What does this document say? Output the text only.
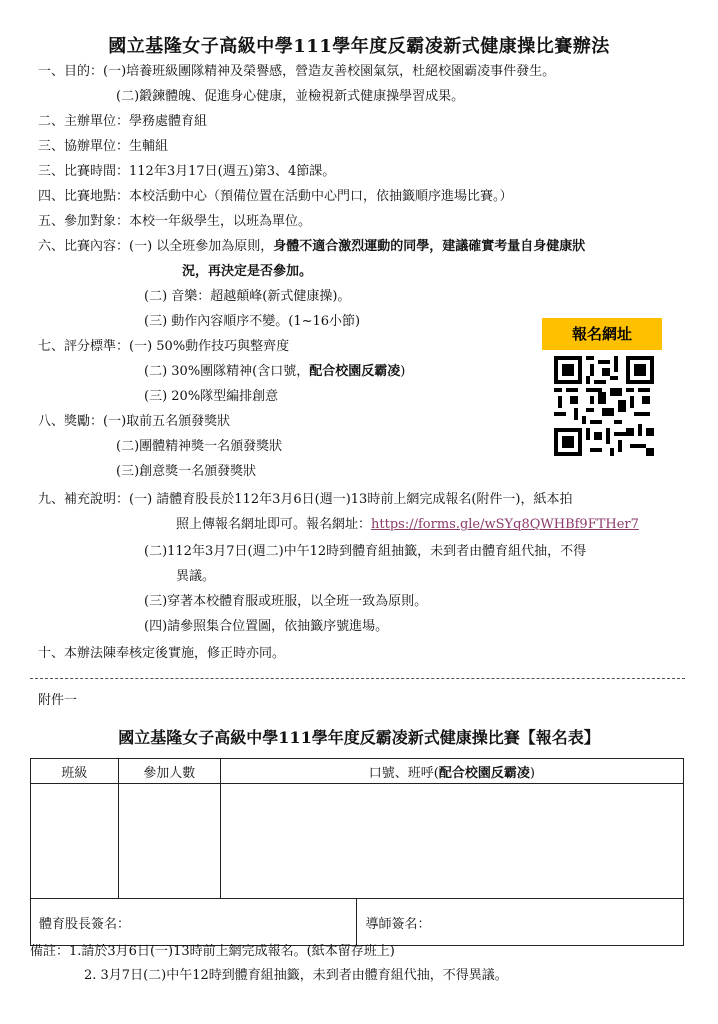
國立基隆女子高級中學111學年度反霸凌新式健康操比賽辦法
一、目的：(一)培養班級團隊精神及榮譽感，營造友善校園氣氛，杜絕校園霸凌事件發生。
(二)鍛鍊體魄、促進身心健康，並檢視新式健康操學習成果。
二、主辦單位：學務處體育組
三、協辦單位：生輔組
三、比賽時間：112年3月17日(週五)第3、4節課。
四、比賽地點：本校活動中心（預備位置在活動中心門口，依抽籤順序進場比賽。）
五、參加對象：本校一年級學生，以班為單位。
六、比賽內容：(一) 以全班參加為原則，身體不適合激烈運動的同學，建議確實考量自身健康狀
況，再決定是否參加。
(二) 音樂：超越顛峰(新式健康操)。
(三) 動作內容順序不變。(1~16小節)
報名網址
七、評分標準：(一) 50%動作技巧與整齊度
(二) 30%團隊精神(含口號，配合校園反霸凌)
(三) 20%隊型編排創意
八、獎勵：(一)取前五名頒發獎狀
(二)團體精神獎一名頒發獎狀
(三)創意獎一名頒發獎狀
九、補充說明：(一) 請體育股長於112年3月6日(週一)13時前上網完成報名(附件一)，紙本拍
照上傳報名網址即可。報名網址：https://forms.gle/wSYq8QWHBf9FTHer7
(二)112年3月7日(週二)中午12時到體育組抽籤，未到者由體育組代抽，不得
異議。
(三)穿著本校體育服或班服，以全班一致為原則。
(四)請參照集合位置圖，依抽籤序號進場。
十、本辦法陳奉核定後實施，修正時亦同。
附件一
國立基隆女子高級中學111學年度反霸凌新式健康操比賽【報名表】
班級	參加人數	口號、班呼(配合校園反霸凌)	

體育股長簽名：			導師簽名：
備註：1.請於3月6日(一)13時前上網完成報名。(紙本留存班上)
2. 3月7日(二)中午12時到體育組抽籤，未到者由體育組代抽，不得異議。
